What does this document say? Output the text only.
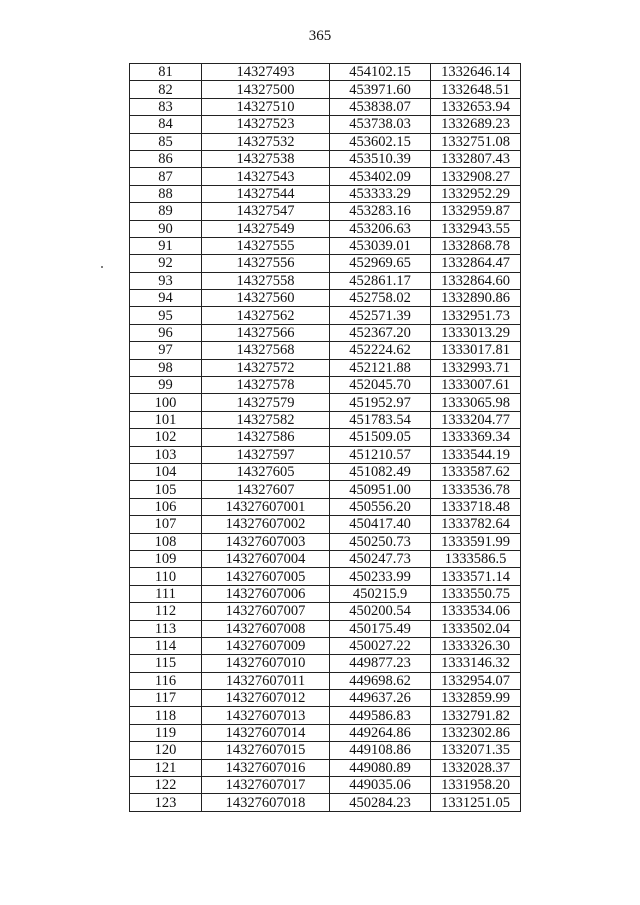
365
81	14327493	454102.15	1332646.14
82	14327500	453971.60	1332648.51
83	14327510	453838.07	1332653.94
84	14327523	453738.03	1332689.23
85	14327532	453602.15	1332751.08
86	14327538	453510.39	1332807.43
87	14327543	453402.09	1332908.27
88	14327544	453333.29	1332952.29
89	14327547	453283.16	1332959.87
90	14327549	453206.63	1332943.55
91	14327555	453039.01	1332868.78
92	14327556	452969.65	1332864.47
93	14327558	452861.17	1332864.60
94	14327560	452758.02	1332890.86
95	14327562	452571.39	1332951.73
96	14327566	452367.20	1333013.29
97	14327568	452224.62	1333017.81
98	14327572	452121.88	1332993.71
99	14327578	452045.70	1333007.61
100	14327579	451952.97	1333065.98
101	14327582	451783.54	1333204.77
102	14327586	451509.05	1333369.34
103	14327597	451210.57	1333544.19
104	14327605	451082.49	1333587.62
105	14327607	450951.00	1333536.78
106	14327607001	450556.20	1333718.48
107	14327607002	450417.40	1333782.64
108	14327607003	450250.73	1333591.99
109	14327607004	450247.73	1333586.5
110	14327607005	450233.99	1333571.14
111	14327607006	450215.9	1333550.75
112	14327607007	450200.54	1333534.06
113	14327607008	450175.49	1333502.04
114	14327607009	450027.22	1333326.30
115	14327607010	449877.23	1333146.32
116	14327607011	449698.62	1332954.07
117	14327607012	449637.26	1332859.99
118	14327607013	449586.83	1332791.82
119	14327607014	449264.86	1332302.86
120	14327607015	449108.86	1332071.35
121	14327607016	449080.89	1332028.37
122	14327607017	449035.06	1331958.20
123	14327607018	450284.23	1331251.05
